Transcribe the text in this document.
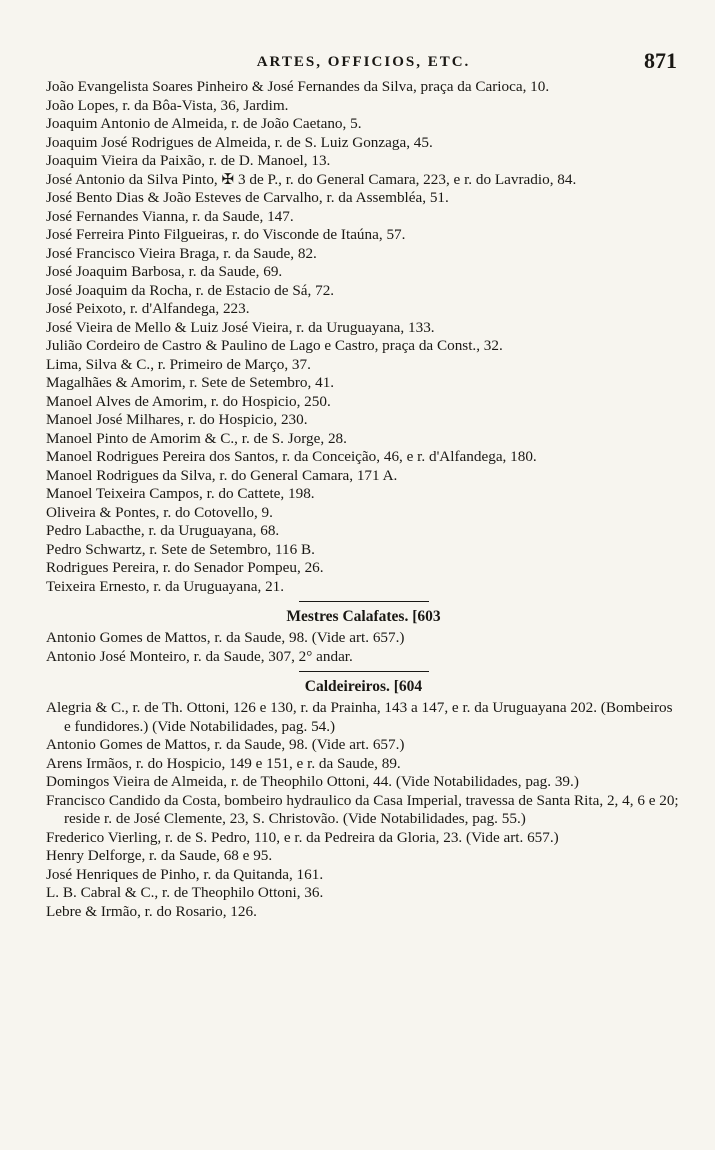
ARTES, OFFICIOS, ETC.	871
João Evangelista Soares Pinheiro & José Fernandes da Silva, praça da Carioca, 10.
João Lopes, r. da Bôa-Vista, 36, Jardim.
Joaquim Antonio de Almeida, r. de João Caetano, 5.
Joaquim José Rodrigues de Almeida, r. de S. Luiz Gonzaga, 45.
Joaquim Vieira da Paixão, r. de D. Manoel, 13.
José Antonio da Silva Pinto, ✠ 3 de P., r. do General Camara, 223, e r. do Lavradio, 84.
José Bento Dias & João Esteves de Carvalho, r. da Assembléa, 51.
José Fernandes Vianna, r. da Saude, 147.
José Ferreira Pinto Filgueiras, r. do Visconde de Itaúna, 57.
José Francisco Vieira Braga, r. da Saude, 82.
José Joaquim Barbosa, r. da Saude, 69.
José Joaquim da Rocha, r. de Estacio de Sá, 72.
José Peixoto, r. d'Alfandega, 223.
José Vieira de Mello & Luiz José Vieira, r. da Uruguayana, 133.
Julião Cordeiro de Castro & Paulino de Lago e Castro, praça da Const., 32.
Lima, Silva & C., r. Primeiro de Março, 37.
Magalhães & Amorim, r. Sete de Setembro, 41.
Manoel Alves de Amorim, r. do Hospicio, 250.
Manoel José Milhares, r. do Hospicio, 230.
Manoel Pinto de Amorim & C., r. de S. Jorge, 28.
Manoel Rodrigues Pereira dos Santos, r. da Conceição, 46, e r. d'Alfandega, 180.
Manoel Rodrigues da Silva, r. do General Camara, 171 A.
Manoel Teixeira Campos, r. do Cattete, 198.
Oliveira & Pontes, r. do Cotovello, 9.
Pedro Labacthe, r. da Uruguayana, 68.
Pedro Schwartz, r. Sete de Setembro, 116 B.
Rodrigues Pereira, r. do Senador Pompeu, 26.
Teixeira Ernesto, r. da Uruguayana, 21.
Mestres Calafates. [603
Antonio Gomes de Mattos, r. da Saude, 98. (Vide art. 657.)
Antonio José Monteiro, r. da Saude, 307, 2° andar.
Caldeireiros. [604
Alegria & C., r. de Th. Ottoni, 126 e 130, r. da Prainha, 143 a 147, e r. da Uruguayana 202. (Bombeiros e fundidores.) (Vide Notabilidades, pag. 54.)
Antonio Gomes de Mattos, r. da Saude, 98. (Vide art. 657.)
Arens Irmãos, r. do Hospicio, 149 e 151, e r. da Saude, 89.
Domingos Vieira de Almeida, r. de Theophilo Ottoni, 44. (Vide Notabilidades, pag. 39.)
Francisco Candido da Costa, bombeiro hydraulico da Casa Imperial, travessa de Santa Rita, 2, 4, 6 e 20; reside r. de José Clemente, 23, S. Christovão. (Vide Notabilidades, pag. 55.)
Frederico Vierling, r. de S. Pedro, 110, e r. da Pedreira da Gloria, 23. (Vide art. 657.)
Henry Delforge, r. da Saude, 68 e 95.
José Henriques de Pinho, r. da Quitanda, 161.
L. B. Cabral & C., r. de Theophilo Ottoni, 36.
Lebre & Irmão, r. do Rosario, 126.
